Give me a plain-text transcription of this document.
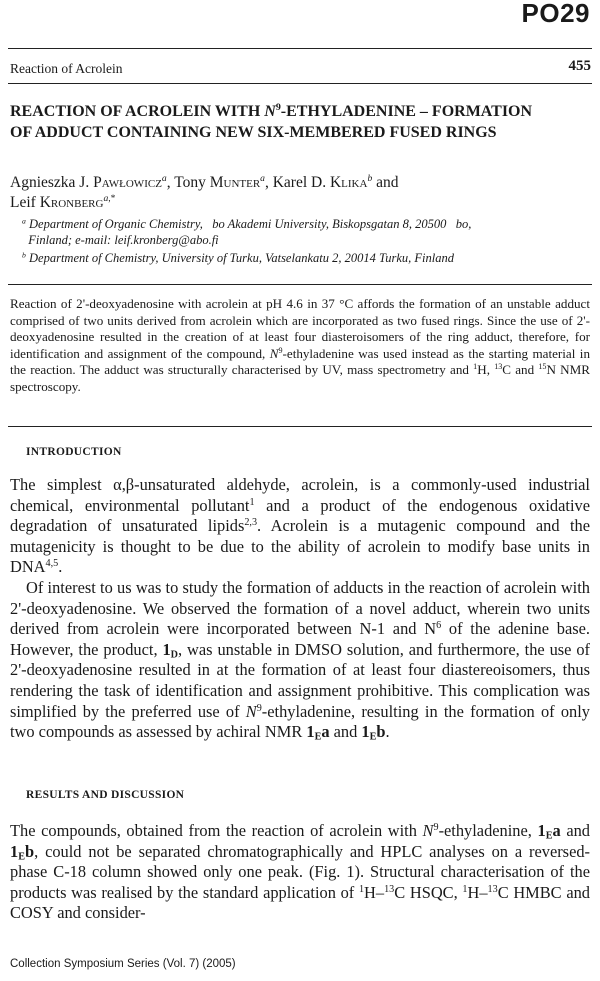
PO29
Reaction of Acrolein	455
REACTION OF ACROLEIN WITH $N^9$-ETHYLADENINE – FORMATION
OF ADDUCT CONTAINING NEW SIX-MEMBERED FUSED RINGS
Agnieszka J. Pawłowicz$^a$, Tony Munter$^a$, Karel D. Klika$^b$ and
Leif Kronberg$^{a,*}$
$^a$ Department of Organic Chemistry,   bo Akademi University, Biskopsgatan 8, 20500   bo,
Finland; e-mail: leif.kronberg@abo.fi
$^b$ Department of Chemistry, University of Turku, Vatselankatu 2, 20014 Turku, Finland
Reaction of 2'-deoxyadenosine with acrolein at pH 4.6 in 37 °C affords the formation of an unstable adduct comprised of two units derived from acrolein which are incorporated as two fused rings. Since the use of 2'-deoxyadenosine resulted in the creation of at least four diasteroisomers of the ring adduct, therefore, for identification and assignment of the compound, $N^9$-ethyladenine was used instead as the starting material in the reaction. The adduct was structurally characterised by UV, mass spectrometry and $^1$H, $^{13}$C and $^{15}$N NMR spectroscopy.
INTRODUCTION

The simplest α,β-unsaturated aldehyde, acrolein, is a commonly-used industrial chemical, environmental pollutant$^1$ and a product of the endogenous oxidative degradation of unsaturated lipids$^{2,3}$. Acrolein is a mutagenic compound and the mutagenicity is thought to be due to the ability of acrolein to modify base units in DNA$^{4,5}$.

Of interest to us was to study the formation of adducts in the reaction of acrolein with 2'-deoxyadenosine. We observed the formation of a novel adduct, wherein two units derived from acrolein were incorporated between N-1 and $N^6$ of the adenine base. However, the product, $1_D$, was unstable in DMSO solution, and furthermore, the use of 2'-deoxyadenosine resulted in at the formation of at least four diastereoisomers, thus rendering the task of identification and assignment prohibitive. This complication was simplified by the preferred use of $N^9$-ethyladenine, resulting in the formation of only two compounds as assessed by achiral NMR $1_Ea$ and $1_Eb$.

RESULTS AND DISCUSSION

The compounds, obtained from the reaction of acrolein with $N^9$-ethyladenine, $1_Ea$ and $1_Eb$, could not be separated chromatographically and HPLC analyses on a reversed-phase C-18 column showed only one peak. (Fig. 1). Structural characterisation of the products was realised by the standard application of $^1$H–$^{13}$C HSQC, $^1$H–$^{13}$C HMBC and COSY and consider-

Collection Symposium Series (Vol. 7) (2005)
